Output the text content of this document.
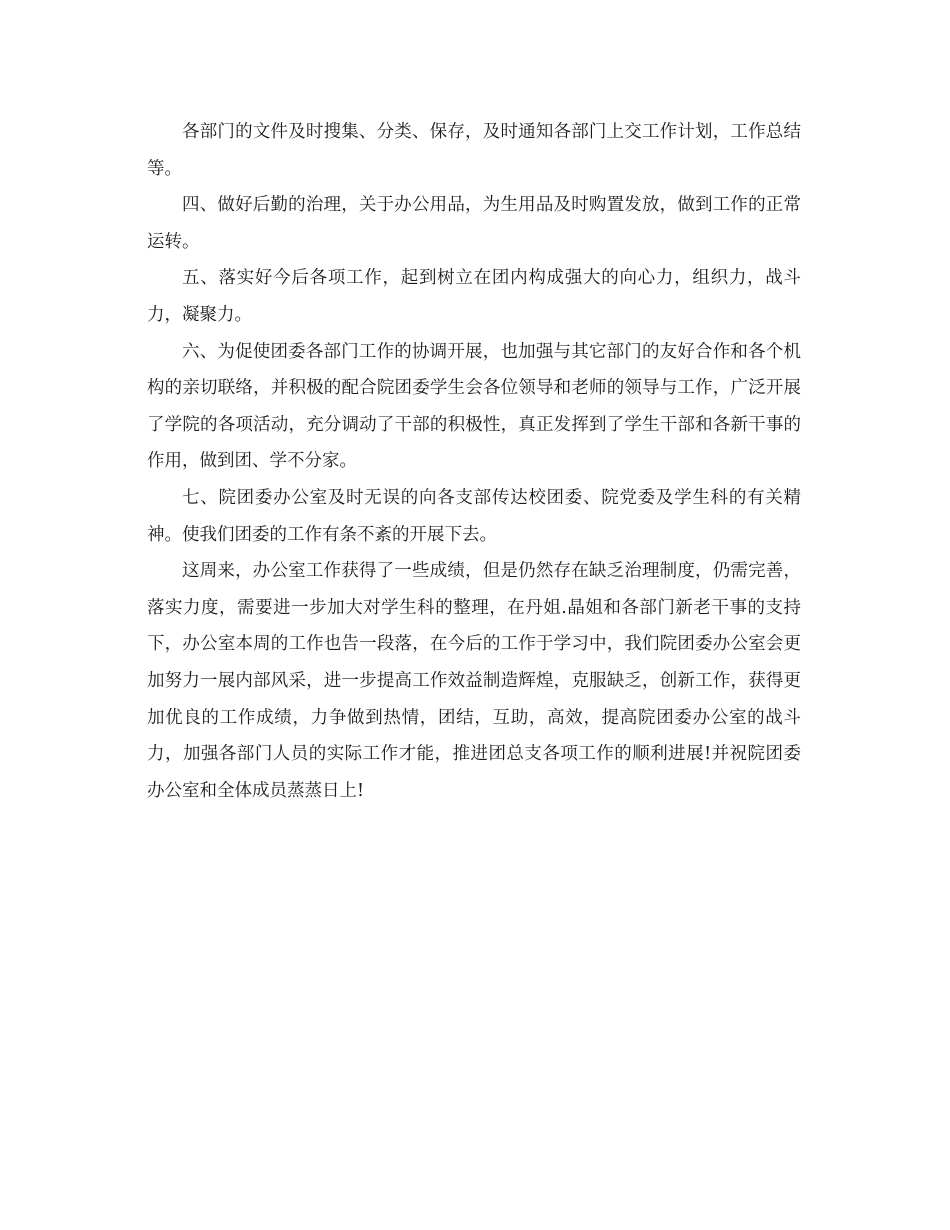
各部门的文件及时搜集、分类、保存，及时通知各部门上交工作计划，工作总结等。

四、做好后勤的治理，关于办公用品，为生用品及时购置发放，做到工作的正常运转。

五、落实好今后各项工作，起到树立在团内构成强大的向心力，组织力，战斗力，凝聚力。

六、为促使团委各部门工作的协调开展，也加强与其它部门的友好合作和各个机构的亲切联络，并积极的配合院团委学生会各位领导和老师的领导与工作，广泛开展了学院的各项活动，充分调动了干部的积极性，真正发挥到了学生干部和各新干事的作用，做到团、学不分家。

七、院团委办公室及时无误的向各支部传达校团委、院党委及学生科的有关精神。使我们团委的工作有条不紊的开展下去。

这周来，办公室工作获得了一些成绩，但是仍然存在缺乏治理制度，仍需完善，落实力度，需要进一步加大对学生科的整理，在丹姐.晶姐和各部门新老干事的支持下，办公室本周的工作也告一段落，在今后的工作于学习中，我们院团委办公室会更加努力一展内部风采，进一步提高工作效益制造辉煌，克服缺乏，创新工作，获得更加优良的工作成绩，力争做到热情，团结，互助，高效，提高院团委办公室的战斗力，加强各部门人员的实际工作才能，推进团总支各项工作的顺利进展!并祝院团委办公室和全体成员蒸蒸日上!
